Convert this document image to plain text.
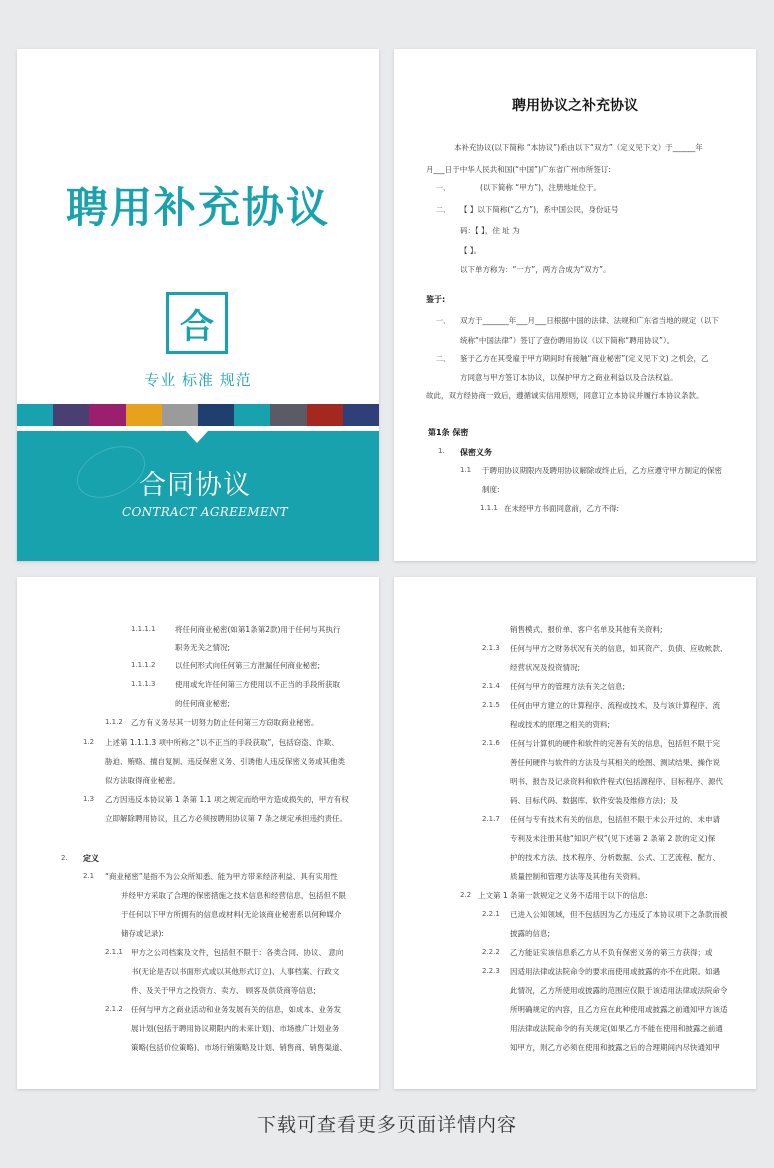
聘用补充协议
合
专业 标准 规范
合同协议
CONTRACT AGREEMENT
聘用协议之补充协议
本补充协议(以下简称 “本协议”)系由以下“双方”（定义见下文）于______年
月___日于中华人民共和国(“中国”)广东省广州市所签订:
一、	(以下简称 “甲方”)，注册地址位于。
二、 【 】以下简称(“乙方”)，系中国公民，身份证号
码：【 】，住 址 为
【 】。
以下单方称为：“一方”，两方合成为“双方”。
鉴于:
一、 双方于_______年___月___日根据中国的法律、法规和广东省当地的规定（以下
统称“中国法律”）签订了壹份聘用协议（以下简称“聘用协议”）。
二、 鉴于乙方在其受雇于甲方期间时有接触“商业秘密”(定义见下文) 之机会，乙
方同意与甲方签订本协议，以保护甲方之商业利益以及合法权益。
故此，双方经协商一致后，遵循诚实信用原则，同意订立本协议并履行本协议条款。
第1条 保密
1. 保密义务
1.1 于聘用协议期限内及聘用协议解除或终止后，乙方应遵守甲方制定的保密
制度:
1.1.1 在未经甲方书面同意前，乙方不得:
1.1.1.1	将任何商业秘密(如第1条第2款)用于任何与其执行
职务无关之情况;
1.1.1.2	以任何形式向任何第三方泄漏任何商业秘密;
1.1.1.3	使用或允许任何第三方使用以不正当的手段所获取
的任何商业秘密;
1.1.2 乙方有义务尽其一切努力防止任何第三方窃取商业秘密。
1.2 上述第 1.1.1.3 项中所称之“以不正当的手段获取”，包括窃盗、诈欺、
胁迫、贿赂、擅自复制、违反保密义务、引诱他人违反保密义务或其他类
似方法取得商业秘密。
1.3 乙方因违反本协议第 1 条第 1.1 项之规定而给甲方造成损失的，甲方有权
立即解除聘用协议，且乙方必须按聘用协议第 7 条之规定承担违约责任。
2. 定义
2.1 “商业秘密”是指不为公众所知悉、能为甲方带来经济利益、具有实用性
并经甲方采取了合理的保密措施之技术信息和经营信息，包括但不限
于任何以下甲方所拥有的信息或材料(无论该商业秘密系以何种媒介
储存或记录):
2.1.1 甲方之公司档案及文件，包括但不限于：各类合同、协议、 意向
书(无论是否以书面形式或以其他形式订立)、人事档案、行政文
件、及关于甲方之投资方、卖方、 顾客及供货商等信息;
2.1.2 任何与甲方之商业活动和业务发展有关的信息，如成本、业务发
展计划(包括于聘用协议期限内的未来计划)、市场推广计划业务
策略(包括价位策略)、市场行销策略及计划、销售商、销售渠道、
销售模式、报价单、客户名单及其他有关资料;
2.1.3 任何与甲方之财务状况有关的信息，如其资产、负债、应收帐款、
经营状况及投资情况;
2.1.4 任何与甲方的管理方法有关之信息;
2.1.5 任何由甲方建立的计算程序、流程或技术，及与该计算程序、流
程或技术的原理之相关的资料;
2.1.6 任何与计算机的硬件和软件的完善有关的信息，包括但不限于完
善任何硬件与软件的方法及与其相关的绘图、测试结果、操作说
明书、报告及记录资料和软件程式(包括源程序、目标程序、源代
码、目标代码、数据库、软件安装及维修方法)；及
2.1.7 任何与专有技术有关的信息，包括但不限于未公开过的、未申请
专利及未注册其他“知识产权”(见下述第 2 条第 2 款的定义)保
护的技术方法、技术程序、分析数据、公式、工艺流程、配方、
质量控制和管理方法等及其他有关资料。
2.2 上文第 1 条第一款规定之义务不适用于以下的信息:
2.2.1 已进入公知领域，但不包括因为乙方违反了本协议项下之条款而被
披露的信息;
2.2.2 乙方能证实该信息系乙方从不负有保密义务的第三方获得；或
2.2.3 因适用法律或法院命令的要求而使用或披露的亦不在此限。如遇
此情况，乙方所使用或披露的范围应仅限于该适用法律或法院命令
所明确规定的内容，且乙方应在此种使用或披露之前通知甲方该适
用法律或法院命令的有关规定(如果乙方不能在使用和披露之前通
知甲方，则乙方必须在使用和披露之后的合理期间内尽快通知甲
下载可查看更多页面详情内容
